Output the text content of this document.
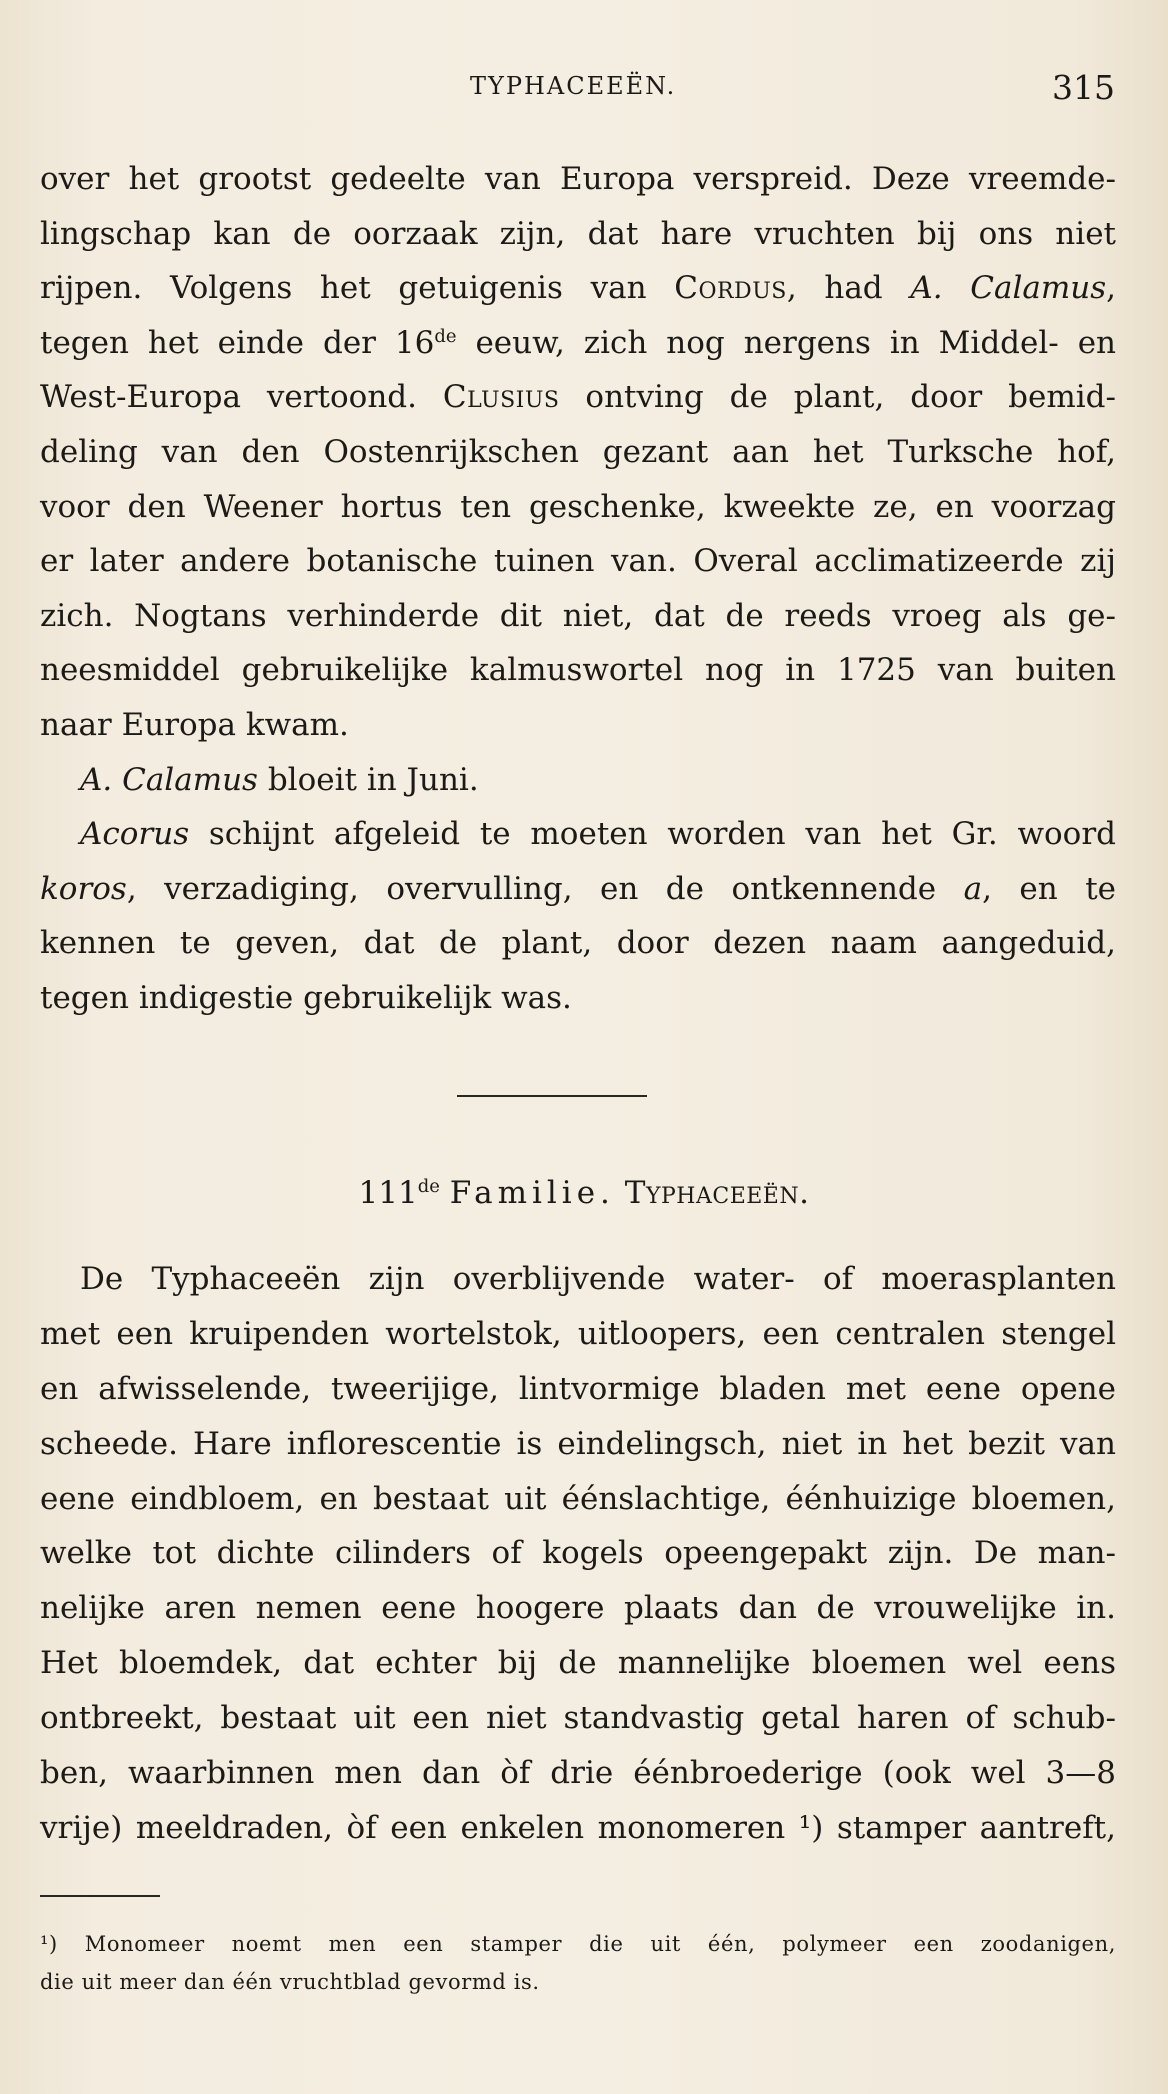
TYPHACEEËN.	315
over het grootst gedeelte van Europa verspreid. Deze vreemde-
lingschap kan de oorzaak zijn, dat hare vruchten bij ons niet
rijpen. Volgens het getuigenis van Cordus, had A. Calamus,
tegen het einde der 16de eeuw, zich nog nergens in Middel- en
West-Europa vertoond. Clusius ontving de plant, door bemid-
deling van den Oostenrijkschen gezant aan het Turksche hof,
voor den Weener hortus ten geschenke, kweekte ze, en voorzag
er later andere botanische tuinen van. Overal acclimatizeerde zij
zich. Nogtans verhinderde dit niet, dat de reeds vroeg als ge-
neesmiddel gebruikelijke kalmuswortel nog in 1725 van buiten
naar Europa kwam.
A. Calamus bloeit in Juni.
Acorus schijnt afgeleid te moeten worden van het Gr. woord
koros, verzadiging, overvulling, en de ontkennende a, en te
kennen te geven, dat de plant, door dezen naam aangeduid,
tegen indigestie gebruikelijk was.
111de Familie. Typhaceeën.
De Typhaceeën zijn overblijvende water- of moerasplanten
met een kruipenden wortelstok, uitloopers, een centralen stengel
en afwisselende, tweerijige, lintvormige bladen met eene opene
scheede. Hare inflorescentie is eindelingsch, niet in het bezit van
eene eindbloem, en bestaat uit éénslachtige, éénhuizige bloemen,
welke tot dichte cilinders of kogels opeengepakt zijn. De man-
nelijke aren nemen eene hoogere plaats dan de vrouwelijke in.
Het bloemdek, dat echter bij de mannelijke bloemen wel eens
ontbreekt, bestaat uit een niet standvastig getal haren of schub-
ben, waarbinnen men dan òf drie éénbroederige (ook wel 3—8
vrije) meeldraden, òf een enkelen monomeren ¹) stamper aantreft,
¹) Monomeer noemt men een stamper die uit één, polymeer een zoodanigen,
die uit meer dan één vruchtblad gevormd is.
